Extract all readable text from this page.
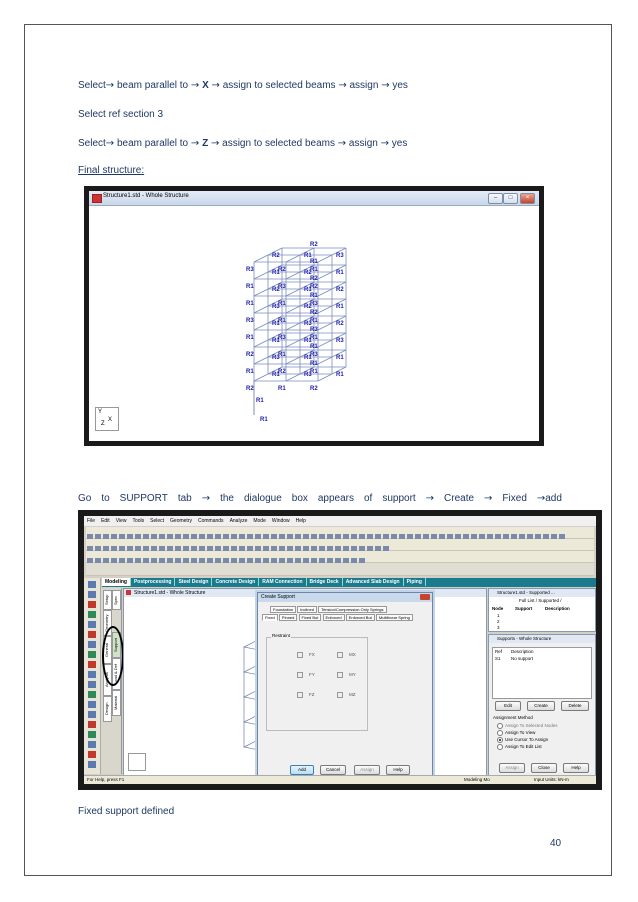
Select→ beam parallel to → X → assign to selected beams → assign → yes
Select ref section 3
Select→ beam parallel to → Z → assign to selected beams → assign → yes
Final structure:
Structure1.std - Whole Structure	–	□	×
R2
R1
R1
R3
R2
R1
R1
R1
R3
R2
R1
R1
R1
R1
R2
R1
R1
R1
R3
R3
R3
R1
R1
R3
R3
R1
R2
R2
R3
R3
R1
R2
R1
R1
R1
R1
R2
R1
R1
R3
R2
R2
R1
R1
R3
R2
R2
R1
R1
R3
R2
R2
R1
R1
R3
R2
R1
R1
Y
X
Z
Go to SUPPORT tab → the dialogue box appears of support → Create → Fixed →add
File Edit View Tools Select Geometry Commands Analyze Mode Window Help
Modeling Postprocessing Steel Design Concrete Design RAM Connection Bridge Deck Advanced Slab Design Piping
Setup
Geometry
General
Analysis
Design
Spec
Support
Load & Def
Material
Structure1.std - Whole Structure
Create Support
Foundation Inclined Tension/Compression Only Springs
Fixed Pinned Fixed But Enforced Enforced But Multilinear Spring
Restraint
FX
FY
FZ
MX
MY
MZ
Add	Cancel	Assign	Help
Structure1.std - Supported ...
Full List / Supported /
Node	Support	Description
1
2
3
Supports - Whole Structure
Ref Description
S1 No support
Edit	Create	Delete
Assignment Method
Assign To Selected Nodes
Assign To View
Use Cursor To Assign
Assign To Edit List
Assign	Close	Help
For Help, press F1	Modeling Mo	Input Units: kN-m
Fixed support defined
40
